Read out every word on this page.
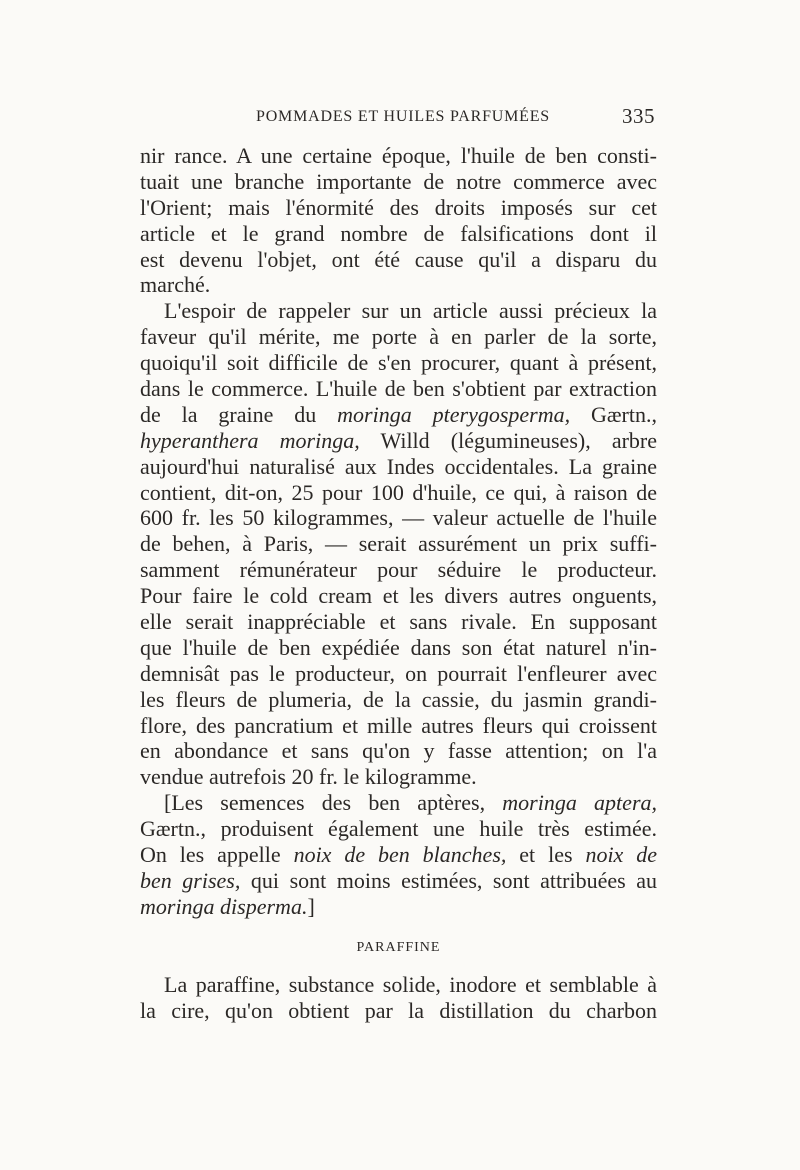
POMMADES ET HUILES PARFUMÉES	335
nir rance. A une certaine époque, l'huile de ben consti-
tuait une branche importante de notre commerce avec
l'Orient; mais l'énormité des droits imposés sur cet
article et le grand nombre de falsifications dont il
est devenu l'objet, ont été cause qu'il a disparu du
marché.
L'espoir de rappeler sur un article aussi précieux la
faveur qu'il mérite, me porte à en parler de la sorte,
quoiqu'il soit difficile de s'en procurer, quant à présent,
dans le commerce. L'huile de ben s'obtient par extraction
de la graine du moringa pterygosperma, Gærtn.,
hyperanthera moringa, Willd (légumineuses), arbre
aujourd'hui naturalisé aux Indes occidentales. La graine
contient, dit-on, 25 pour 100 d'huile, ce qui, à raison de
600 fr. les 50 kilogrammes, — valeur actuelle de l'huile
de behen, à Paris, — serait assurément un prix suffi-
samment rémunérateur pour séduire le producteur.
Pour faire le cold cream et les divers autres onguents,
elle serait inappréciable et sans rivale. En supposant
que l'huile de ben expédiée dans son état naturel n'in-
demnisât pas le producteur, on pourrait l'enfleurer avec
les fleurs de plumeria, de la cassie, du jasmin grandi-
flore, des pancratium et mille autres fleurs qui croissent
en abondance et sans qu'on y fasse attention; on l'a
vendue autrefois 20 fr. le kilogramme.
[Les semences des ben aptères, moringa aptera,
Gærtn., produisent également une huile très estimée.
On les appelle noix de ben blanches, et les noix de
ben grises, qui sont moins estimées, sont attribuées au
moringa disperma.]
PARAFFINE
La paraffine, substance solide, inodore et semblable à
la cire, qu'on obtient par la distillation du charbon
